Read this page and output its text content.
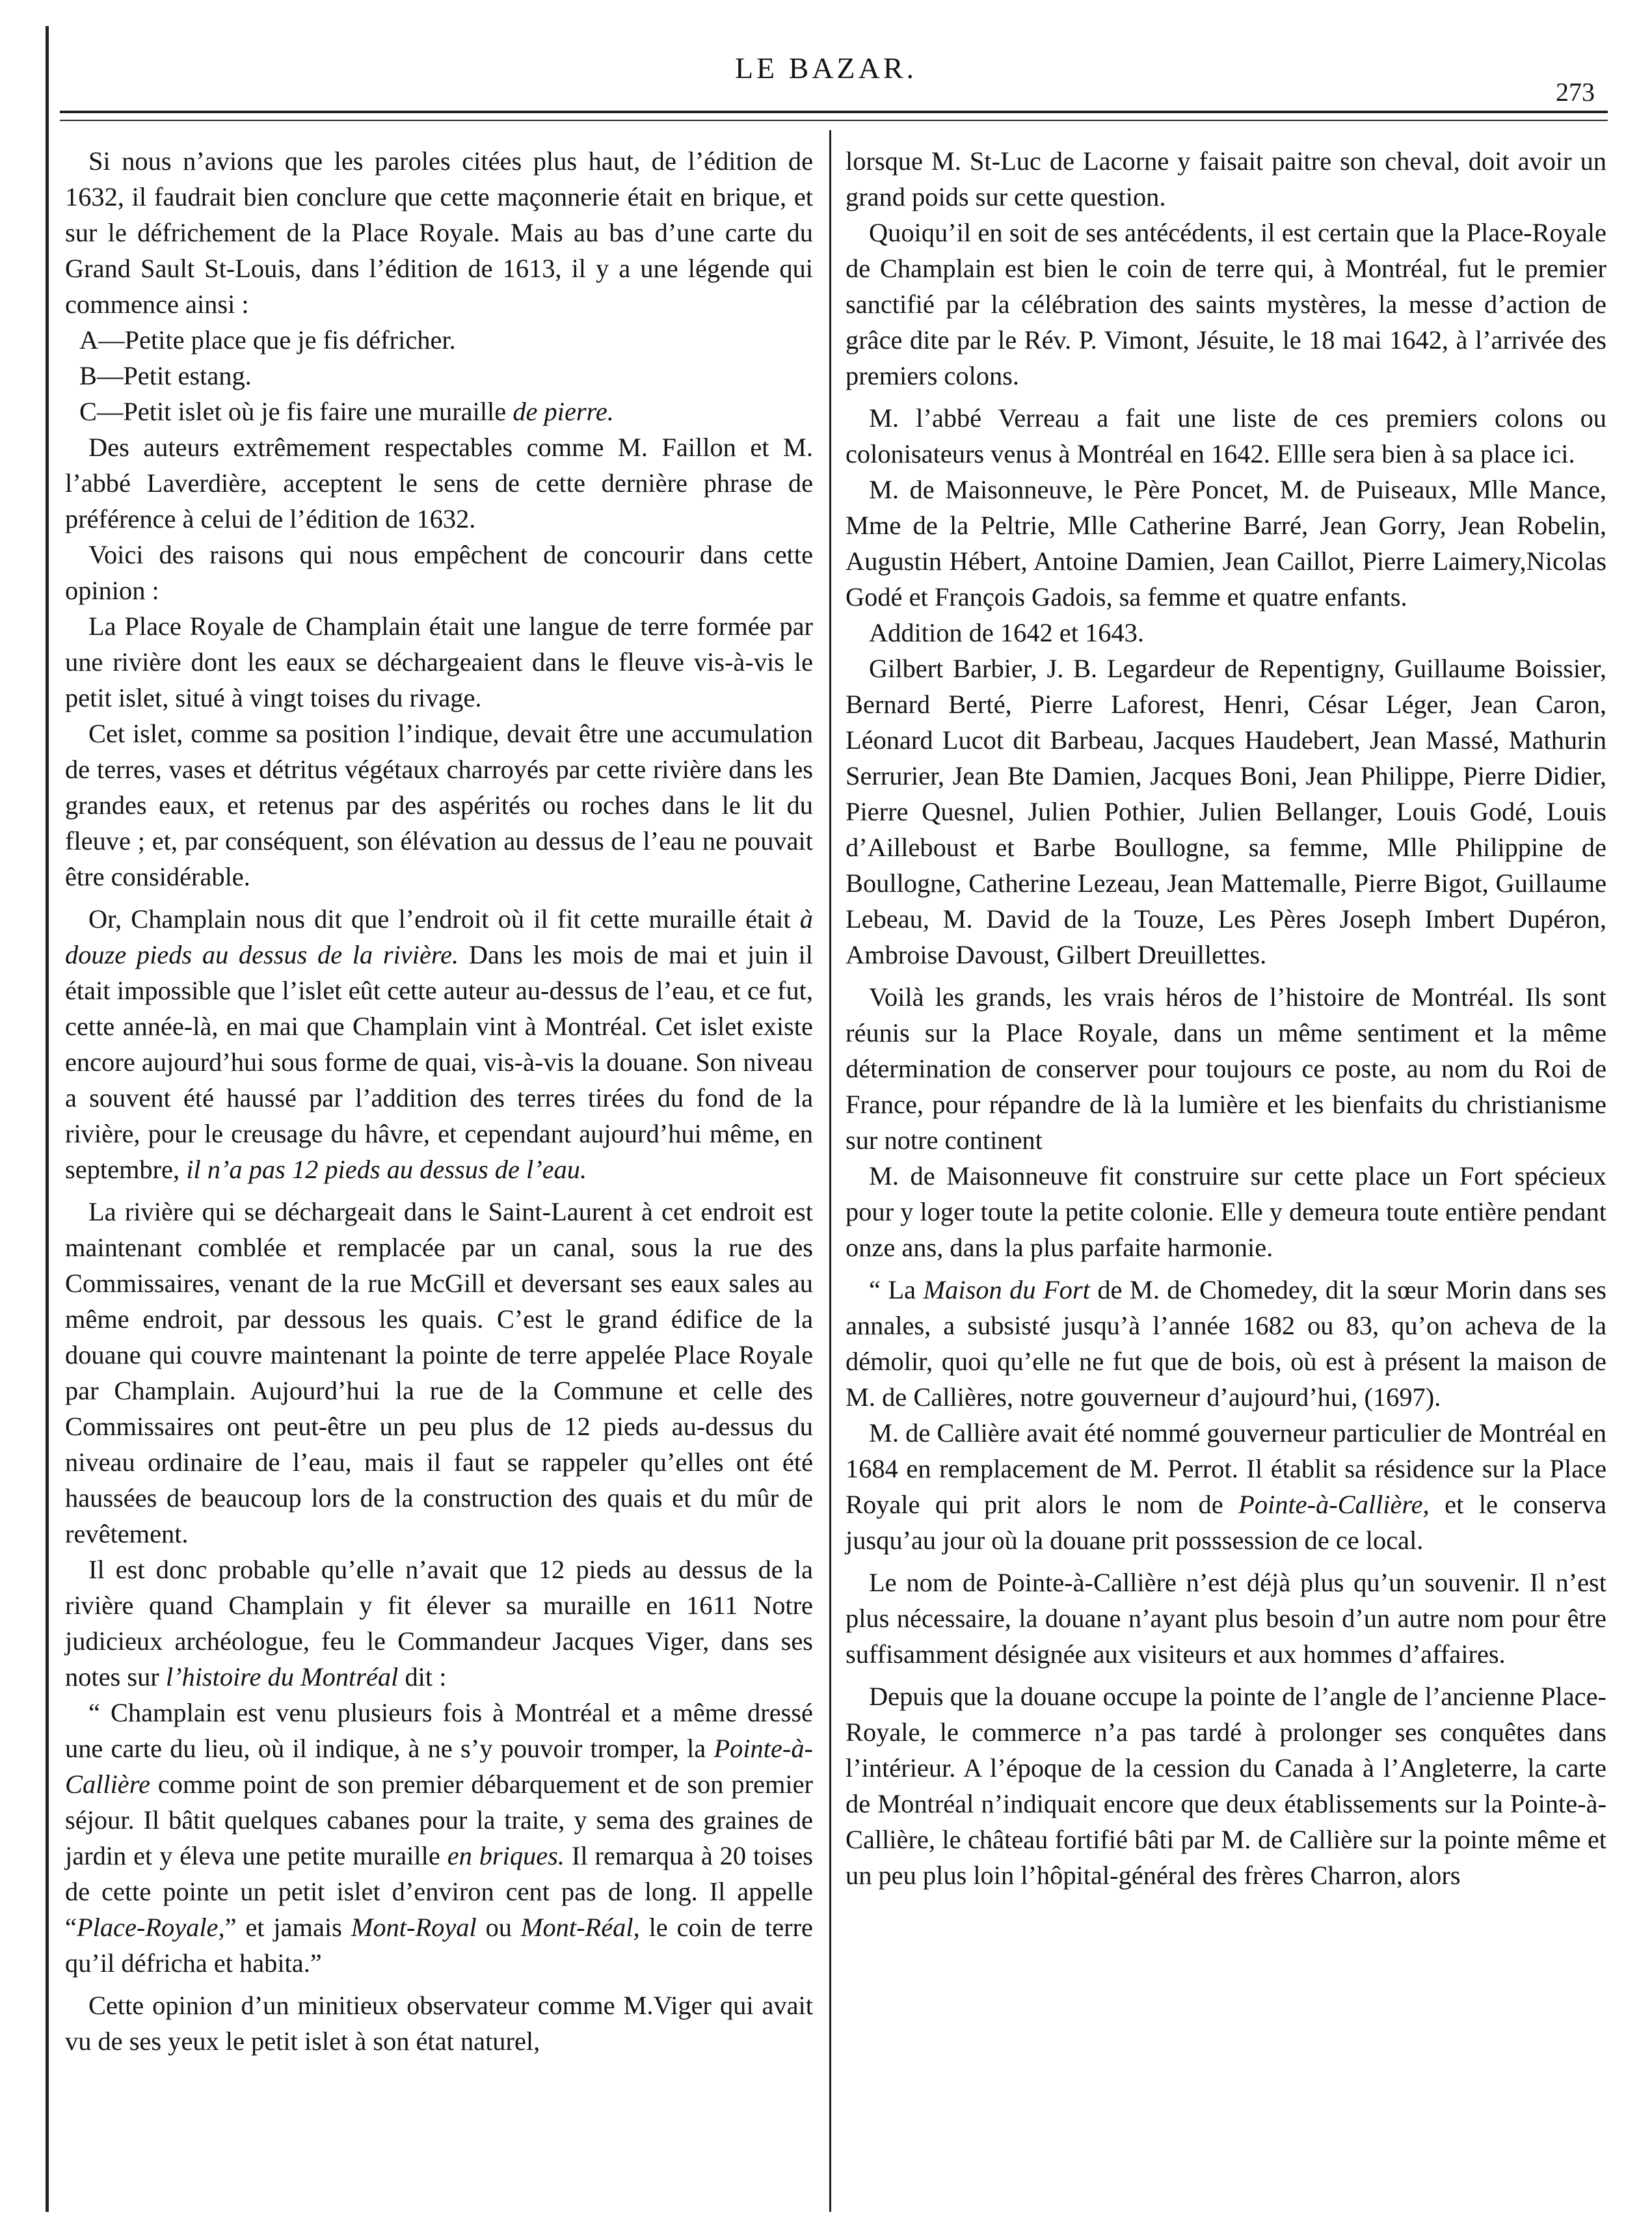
LE BAZAR.
273

Si nous n’avions que les paroles citées plus haut, de l’édition de 1632, il faudrait bien conclure que cette maçonnerie était en brique, et sur le défrichement de la Place Royale. Mais au bas d’une carte du Grand Sault St-Louis, dans l’édition de 1613, il y a une légende qui commence ainsi :

A—Petite place que je fis défricher.

B—Petit estang.

C—Petit islet où je fis faire une muraille de pierre.

Des auteurs extrêmement respectables comme M. Faillon et M. l’abbé Laverdière, acceptent le sens de cette dernière phrase de préférence à celui de l’édition de 1632.

Voici des raisons qui nous empêchent de concourir dans cette opinion :

La Place Royale de Champlain était une langue de terre formée par une rivière dont les eaux se déchargeaient dans le fleuve vis-à-vis le petit islet, situé à vingt toises du rivage.

Cet islet, comme sa position l’indique, devait être une accumulation de terres, vases et détritus végétaux charroyés par cette rivière dans les grandes eaux, et retenus par des aspérités ou roches dans le lit du fleuve ; et, par conséquent, son élévation au dessus de l’eau ne pouvait être considérable.

Or, Champlain nous dit que l’endroit où il fit cette muraille était à douze pieds au dessus de la rivière. Dans les mois de mai et juin il était impossible que l’islet eût cette auteur au-dessus de l’eau, et ce fut, cette année-là, en mai que Champlain vint à Montréal. Cet islet existe encore aujourd’hui sous forme de quai, vis-à-vis la douane. Son niveau a souvent été haussé par l’addition des terres tirées du fond de la rivière, pour le creusage du hâvre, et cependant aujourd’hui même, en septembre, il n’a pas 12 pieds au dessus de l’eau.

La rivière qui se déchargeait dans le Saint-Laurent à cet endroit est maintenant comblée et remplacée par un canal, sous la rue des Commissaires, venant de la rue McGill et deversant ses eaux sales au même endroit, par dessous les quais. C’est le grand édifice de la douane qui couvre maintenant la pointe de terre appelée Place Royale par Champlain. Aujourd’hui la rue de la Commune et celle des Commissaires ont peut-être un peu plus de 12 pieds au-dessus du niveau ordinaire de l’eau, mais il faut se rappeler qu’elles ont été haussées de beaucoup lors de la construction des quais et du mûr de revêtement.

Il est donc probable qu’elle n’avait que 12 pieds au dessus de la rivière quand Champlain y fit élever sa muraille en 1611 Notre judicieux archéologue, feu le Commandeur Jacques Viger, dans ses notes sur l’histoire du Montréal dit :

“ Champlain est venu plusieurs fois à Montréal et a même dressé une carte du lieu, où il indique, à ne s’y pouvoir tromper, la Pointe-à-Callière comme point de son premier débarquement et de son premier séjour. Il bâtit quelques cabanes pour la traite, y sema des graines de jardin et y éleva une petite muraille en briques. Il remarqua à 20 toises de cette pointe un petit islet d’environ cent pas de long. Il appelle “Place-Royale,” et jamais Mont-Royal ou Mont-Réal, le coin de terre qu’il défricha et habita.”

Cette opinion d’un minitieux observateur comme M.Viger qui avait vu de ses yeux le petit islet à son état naturel,

lorsque M. St-Luc de Lacorne y faisait paitre son cheval, doit avoir un grand poids sur cette question.

Quoiqu’il en soit de ses antécédents, il est certain que la Place-Royale de Champlain est bien le coin de terre qui, à Montréal, fut le premier sanctifié par la célébration des saints mystères, la messe d’action de grâce dite par le Rév. P. Vimont, Jésuite, le 18 mai 1642, à l’arrivée des premiers colons.

M. l’abbé Verreau a fait une liste de ces premiers colons ou colonisateurs venus à Montréal en 1642. Ellle sera bien à sa place ici.

M. de Maisonneuve, le Père Poncet, M. de Puiseaux, Mlle Mance, Mme de la Peltrie, Mlle Catherine Barré, Jean Gorry, Jean Robelin, Augustin Hébert, Antoine Damien, Jean Caillot, Pierre Laimery,Nicolas Godé et François Gadois, sa femme et quatre enfants.

Addition de 1642 et 1643.

Gilbert Barbier, J. B. Legardeur de Repentigny, Guillaume Boissier, Bernard Berté, Pierre Laforest, Henri, César Léger, Jean Caron, Léonard Lucot dit Barbeau, Jacques Haudebert, Jean Massé, Mathurin Serrurier, Jean Bte Damien, Jacques Boni, Jean Philippe, Pierre Didier, Pierre Quesnel, Julien Pothier, Julien Bellanger, Louis Godé, Louis d’Ailleboust et Barbe Boullogne, sa femme, Mlle Philippine de Boullogne, Catherine Lezeau, Jean Mattemalle, Pierre Bigot, Guillaume Lebeau, M. David de la Touze, Les Pères Joseph Imbert Dupéron, Ambroise Davoust, Gilbert Dreuillettes.

Voilà les grands, les vrais héros de l’histoire de Montréal. Ils sont réunis sur la Place Royale, dans un même sentiment et la même détermination de conserver pour toujours ce poste, au nom du Roi de France, pour répandre de là la lumière et les bienfaits du christianisme sur notre continent

M. de Maisonneuve fit construire sur cette place un Fort spécieux pour y loger toute la petite colonie. Elle y demeura toute entière pendant onze ans, dans la plus parfaite harmonie.

“ La Maison du Fort de M. de Chomedey, dit la sœur Morin dans ses annales, a subsisté jusqu’à l’année 1682 ou 83, qu’on acheva de la démolir, quoi qu’elle ne fut que de bois, où est à présent la maison de M. de Callières, notre gouverneur d’aujourd’hui, (1697).

M. de Callière avait été nommé gouverneur particulier de Montréal en 1684 en remplacement de M. Perrot. Il établit sa résidence sur la Place Royale qui prit alors le nom de Pointe-à-Callière, et le conserva jusqu’au jour où la douane prit posssession de ce local.

Le nom de Pointe-à-Callière n’est déjà plus qu’un souvenir. Il n’est plus nécessaire, la douane n’ayant plus besoin d’un autre nom pour être suffisamment désignée aux visiteurs et aux hommes d’affaires.

Depuis que la douane occupe la pointe de l’angle de l’ancienne Place-Royale, le commerce n’a pas tardé à prolonger ses conquêtes dans l’intérieur. A l’époque de la cession du Canada à l’Angleterre, la carte de Montréal n’indiquait encore que deux établissements sur la Pointe-à-Callière, le château fortifié bâti par M. de Callière sur la pointe même et un peu plus loin l’hôpital-général des frères Charron, alors
